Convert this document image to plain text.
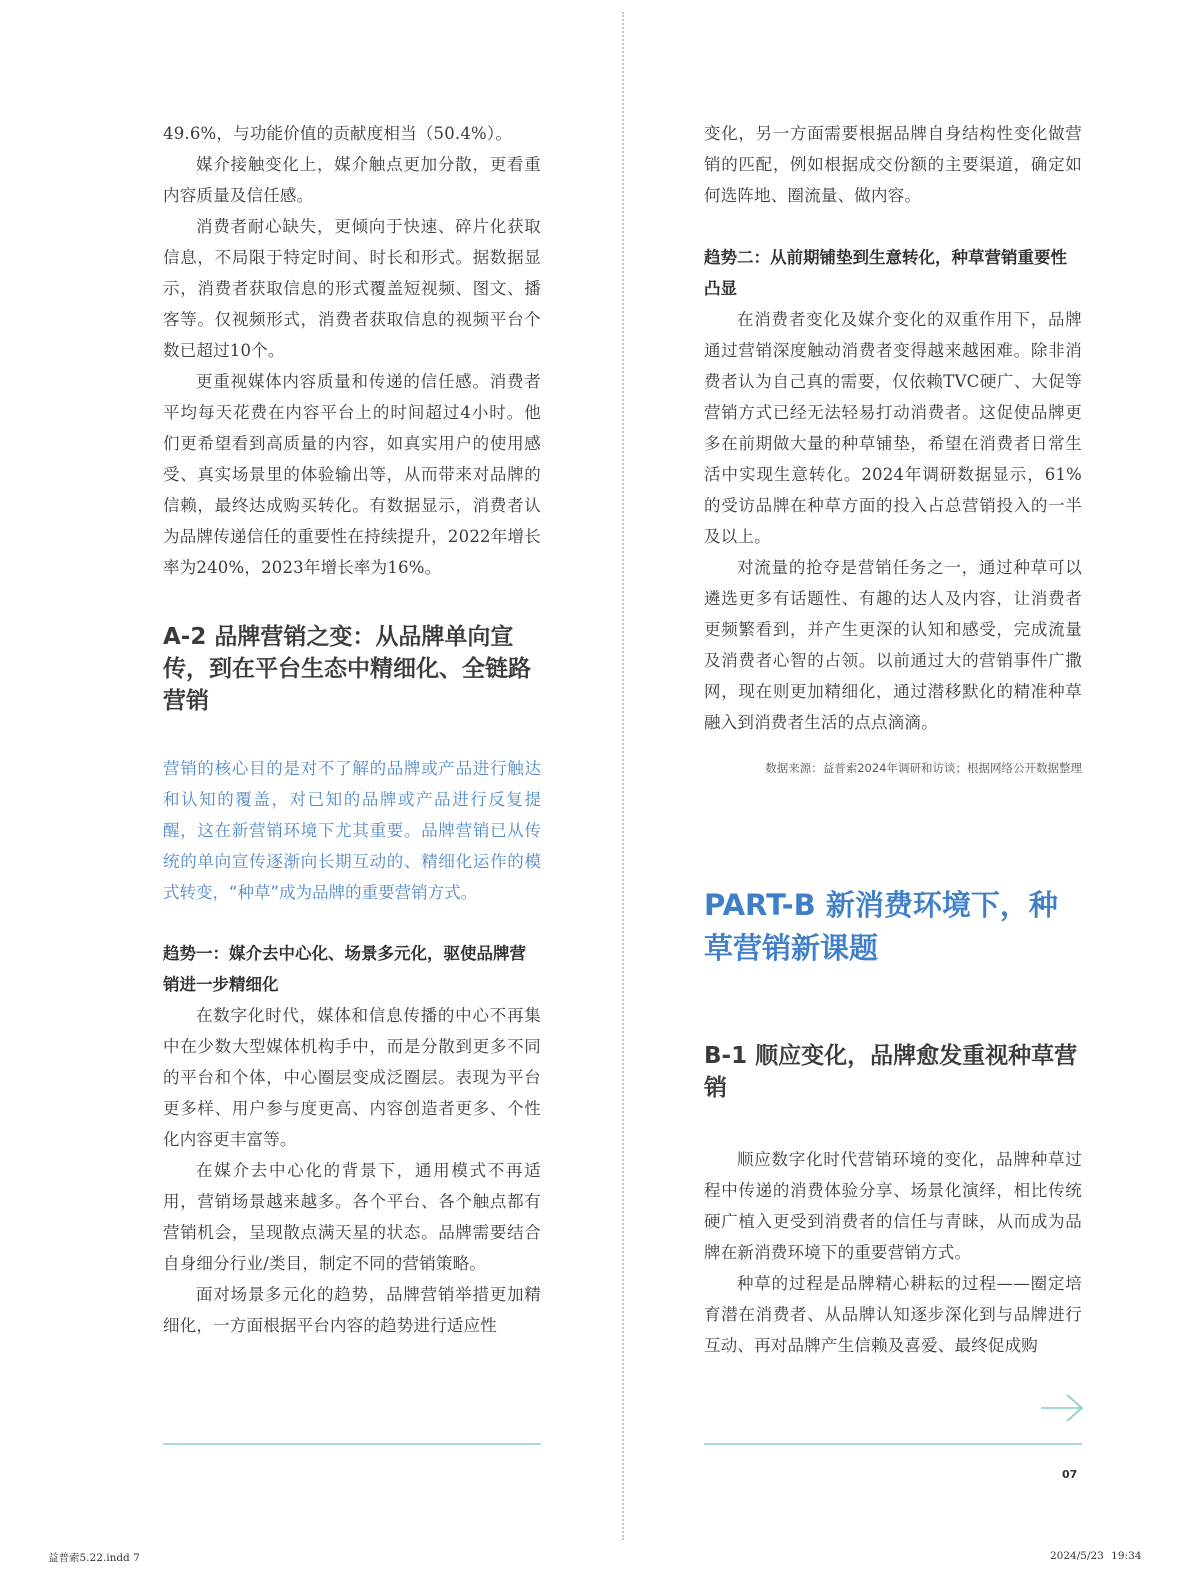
49.6%，与功能价值的贡献度相当（50.4%）。

媒介接触变化上，媒介触点更加分散，更看重内容质量及信任感。

消费者耐心缺失，更倾向于快速、碎片化获取信息，不局限于特定时间、时长和形式。据数据显示，消费者获取信息的形式覆盖短视频、图文、播客等。仅视频形式，消费者获取信息的视频平台个数已超过10个。

更重视媒体内容质量和传递的信任感。消费者平均每天花费在内容平台上的时间超过4小时。他们更希望看到高质量的内容，如真实用户的使用感受、真实场景里的体验输出等，从而带来对品牌的信赖，最终达成购买转化。有数据显示，消费者认为品牌传递信任的重要性在持续提升，2022年增长率为240%，2023年增长率为16%。

A-2 品牌营销之变：从品牌单向宣传，到在平台生态中精细化、全链路营销

营销的核心目的是对不了解的品牌或产品进行触达和认知的覆盖，对已知的品牌或产品进行反复提醒，这在新营销环境下尤其重要。品牌营销已从传统的单向宣传逐渐向长期互动的、精细化运作的模式转变，“种草”成为品牌的重要营销方式。

趋势一：媒介去中心化、场景多元化，驱使品牌营销进一步精细化

在数字化时代，媒体和信息传播的中心不再集中在少数大型媒体机构手中，而是分散到更多不同的平台和个体，中心圈层变成泛圈层。表现为平台更多样、用户参与度更高、内容创造者更多、个性化内容更丰富等。

在媒介去中心化的背景下，通用模式不再适用，营销场景越来越多。各个平台、各个触点都有营销机会，呈现散点满天星的状态。品牌需要结合自身细分行业/类目，制定不同的营销策略。

面对场景多元化的趋势，品牌营销举措更加精细化，一方面根据平台内容的趋势进行适应性

变化，另一方面需要根据品牌自身结构性变化做营销的匹配，例如根据成交份额的主要渠道，确定如何选阵地、圈流量、做内容。

趋势二：从前期铺垫到生意转化，种草营销重要性凸显

在消费者变化及媒介变化的双重作用下，品牌通过营销深度触动消费者变得越来越困难。除非消费者认为自己真的需要，仅依赖TVC硬广、大促等营销方式已经无法轻易打动消费者。这促使品牌更多在前期做大量的种草铺垫，希望在消费者日常生活中实现生意转化。2024年调研数据显示，61%的受访品牌在种草方面的投入占总营销投入的一半及以上。

对流量的抢夺是营销任务之一，通过种草可以遴选更多有话题性、有趣的达人及内容，让消费者更频繁看到，并产生更深的认知和感受，完成流量及消费者心智的占领。以前通过大的营销事件广撒网，现在则更加精细化，通过潜移默化的精准种草融入到消费者生活的点点滴滴。

数据来源：益普索2024年调研和访谈；根据网络公开数据整理

PART-B 新消费环境下，种草营销新课题
B-1 顺应变化，品牌愈发重视种草营销

顺应数字化时代营销环境的变化，品牌种草过程中传递的消费体验分享、场景化演绎，相比传统硬广植入更受到消费者的信任与青睐，从而成为品牌在新消费环境下的重要营销方式。

种草的过程是品牌精心耕耘的过程——圈定培育潜在消费者、从品牌认知逐步深化到与品牌进行互动、再对品牌产生信赖及喜爱、最终促成购

07
益普索5.22.indd 7	2024/5/23 19:34
